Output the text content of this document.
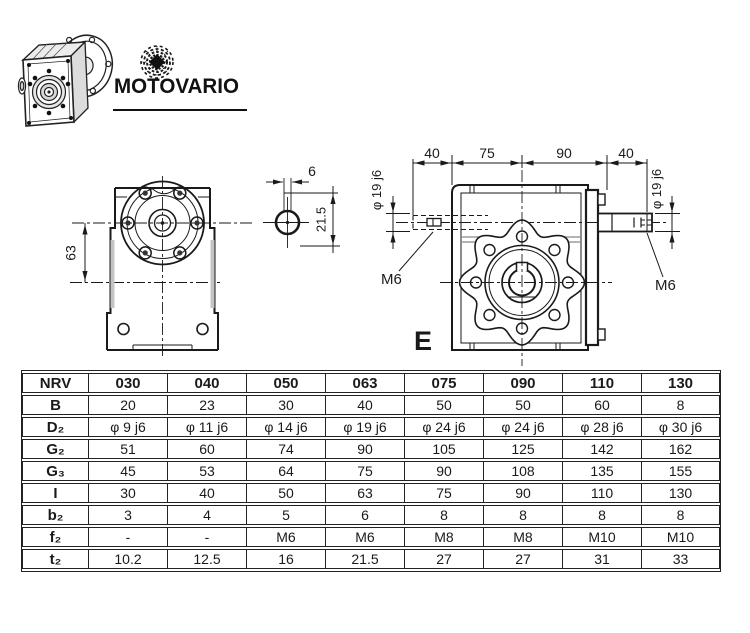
MOTOVARIO
63
6
21.5
40	75	90	40
φ 19 j6
M6
φ 19 j6
M6
E
NRV	030	040	050	063	075	090	110	130
B	20	23	30	40	50	50	60	8
D₂	φ 9 j6	φ 11 j6	φ 14 j6	φ 19 j6	φ 24 j6	φ 24 j6	φ 28 j6	φ 30 j6
G₂	51	60	74	90	105	125	142	162
G₃	45	53	64	75	90	108	135	155
I	30	40	50	63	75	90	110	130
b₂	3	4	5	6	8	8	8	8
f₂	-	-	M6	M6	M8	M8	M10	M10
t₂	10.2	12.5	16	21.5	27	27	31	33
